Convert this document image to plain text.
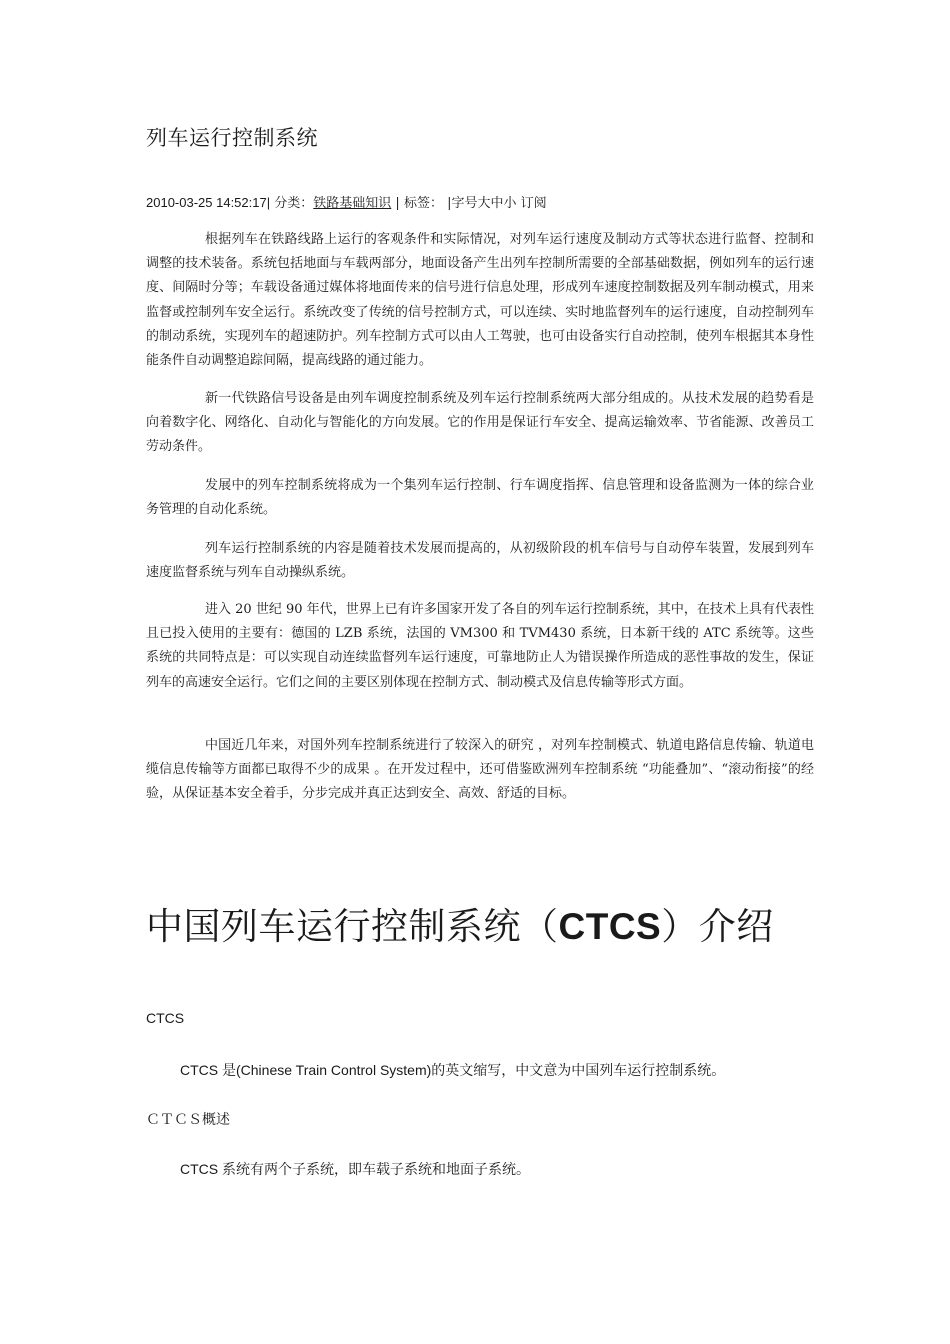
列车运行控制系统
2010-03-25 14:52:17| 分类：铁路基础知识 | 标签： |字号大中小 订阅

根据列车在铁路线路上运行的客观条件和实际情况，对列车运行速度及制动方式等状态进行监督、控制和调整的技术装备。系统包括地面与车载两部分，地面设备产生出列车控制所需要的全部基础数据，例如列车的运行速度、间隔时分等；车载设备通过媒体将地面传来的信号进行信息处理，形成列车速度控制数据及列车制动模式，用来监督或控制列车安全运行。系统改变了传统的信号控制方式，可以连续、实时地监督列车的运行速度，自动控制列车的制动系统，实现列车的超速防护。列车控制方式可以由人工驾驶，也可由设备实行自动控制，使列车根据其本身性能条件自动调整追踪间隔，提高线路的通过能力。

新一代铁路信号设备是由列车调度控制系统及列车运行控制系统两大部分组成的。从技术发展的趋势看是向着数字化、网络化、自动化与智能化的方向发展。它的作用是保证行车安全、提高运输效率、节省能源、改善员工劳动条件。

发展中的列车控制系统将成为一个集列车运行控制、行车调度指挥、信息管理和设备监测为一体的综合业务管理的自动化系统。

列车运行控制系统的内容是随着技术发展而提高的，从初级阶段的机车信号与自动停车装置，发展到列车速度监督系统与列车自动操纵系统。

进入 20 世纪 90 年代，世界上已有许多国家开发了各自的列车运行控制系统，其中，在技术上具有代表性且已投入使用的主要有：德国的 LZB 系统，法国的 VM300 和 TVM430 系统，日本新干线的 ATC 系统等。这些系统的共同特点是：可以实现自动连续监督列车运行速度，可靠地防止人为错误操作所造成的恶性事故的发生，保证列车的高速安全运行。它们之间的主要区别体现在控制方式、制动模式及信息传输等形式方面。

中国近几年来，对国外列车控制系统进行了较深入的研究 ，对列车控制模式、轨道电路信息传输、轨道电缆信息传输等方面都已取得不少的成果 。在开发过程中，还可借鉴欧洲列车控制系统 “功能叠加”、“滚动衔接”的经验，从保证基本安全着手，分步完成并真正达到安全、高效、舒适的目标。

中国列车运行控制系统（CTCS）介绍

CTCS

CTCS 是(Chinese Train Control System)的英文缩写，中文意为中国列车运行控制系统。

ＣＴＣＳ概述

CTCS 系统有两个子系统，即车载子系统和地面子系统。
